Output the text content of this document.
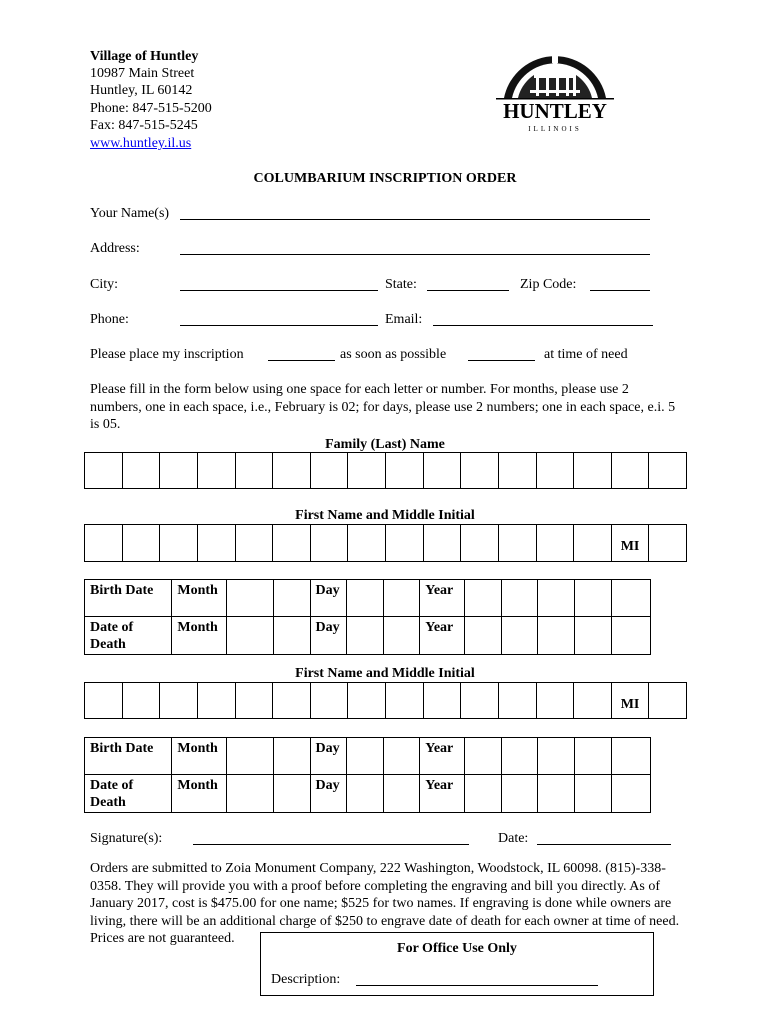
Village of Huntley
10987 Main Street
Huntley, IL 60142
Phone: 847-515-5200
Fax: 847-515-5245
www.huntley.il.us
HUNTLEY
ILLINOIS
COLUMBARIUM INSCRIPTION ORDER
Your Name(s)
Address:
City:	State:	Zip Code:
Phone:	Email:
Please place my inscription	as soon as possible	at time of need
Please fill in the form below using one space for each letter or number. For months, please use 2 numbers, one in each space, i.e., February is 02; for days, please use 2 numbers; one in each space, e.i. 5 is 05.
Family (Last) Name
First Name and Middle Initial
MI
Birth Date	Month			Day			Year					
Date of Death	Month			Day			Year					
First Name and Middle Initial
MI
Birth Date	Month			Day			Year					
Date of Death	Month			Day			Year					
Signature(s):	Date:
Orders are submitted to Zoia Monument Company, 222 Washington, Woodstock, IL 60098. (815)-338-0358. They will provide you with a proof before completing the engraving and bill you directly. As of January 2017, cost is $475.00 for one name; $525 for two names. If engraving is done while owners are living, there will be an additional charge of $250 to engrave date of death for each owner at time of need. Prices are not guaranteed.
For Office Use Only
Description:
